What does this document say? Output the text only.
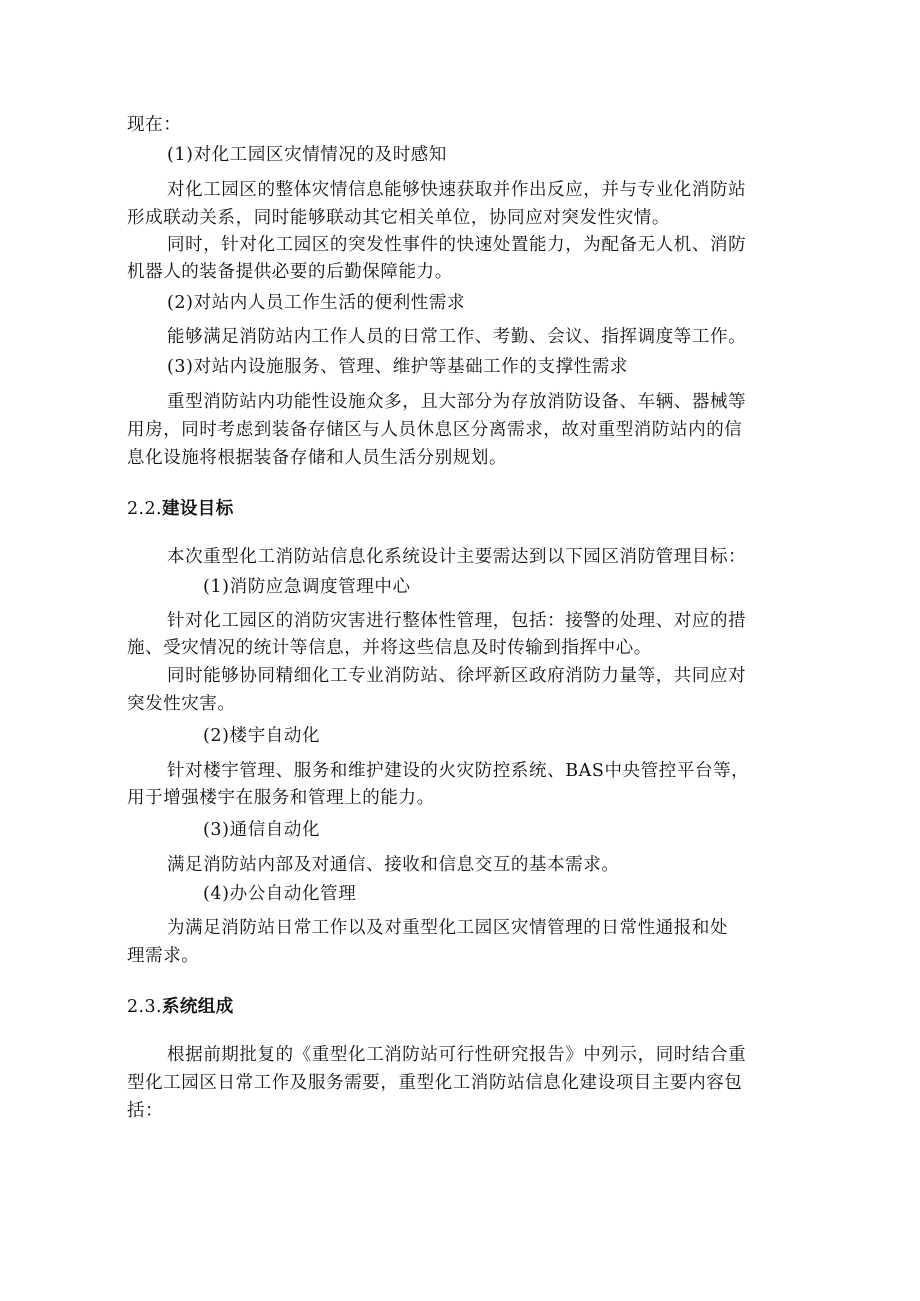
现在：
(1)对化工园区灾情情况的及时感知
对化工园区的整体灾情信息能够快速获取并作出反应，并与专业化消防站
形成联动关系，同时能够联动其它相关单位，协同应对突发性灾情。
同时，针对化工园区的突发性事件的快速处置能力，为配备无人机、消防
机器人的装备提供必要的后勤保障能力。
(2)对站内人员工作生活的便利性需求
能够满足消防站内工作人员的日常工作、考勤、会议、指挥调度等工作。
(3)对站内设施服务、管理、维护等基础工作的支撑性需求
重型消防站内功能性设施众多，且大部分为存放消防设备、车辆、器械等
用房，同时考虑到装备存储区与人员休息区分离需求，故对重型消防站内的信
息化设施将根据装备存储和人员生活分别规划。
2.2.建设目标
本次重型化工消防站信息化系统设计主要需达到以下园区消防管理目标：
(1)消防应急调度管理中心
针对化工园区的消防灾害进行整体性管理，包括：接警的处理、对应的措
施、受灾情况的统计等信息，并将这些信息及时传输到指挥中心。
同时能够协同精细化工专业消防站、徐坪新区政府消防力量等，共同应对
突发性灾害。
(2)楼宇自动化
针对楼宇管理、服务和维护建设的火灾防控系统、BAS中央管控平台等，
用于增强楼宇在服务和管理上的能力。
(3)通信自动化
满足消防站内部及对通信、接收和信息交互的基本需求。
(4)办公自动化管理
为满足消防站日常工作以及对重型化工园区灾情管理的日常性通报和处
理需求。
2.3.系统组成
根据前期批复的《重型化工消防站可行性研究报告》中列示，同时结合重
型化工园区日常工作及服务需要，重型化工消防站信息化建设项目主要内容包
括：
